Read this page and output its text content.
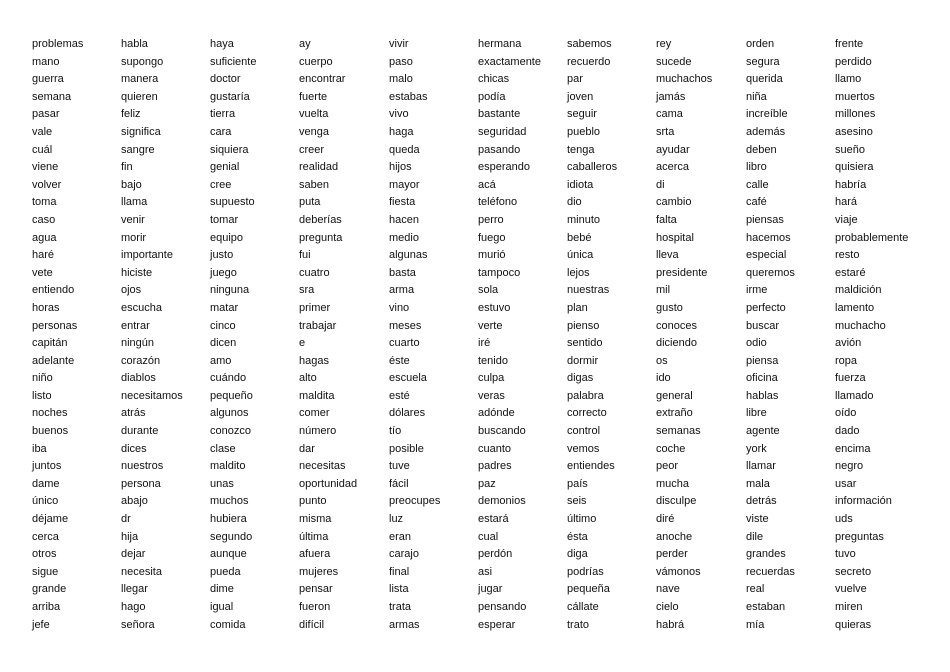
problemas
mano
guerra
semana
pasar
vale
cuál
viene
volver
toma
caso
agua
haré
vete
entiendo
horas
personas
capitán
adelante
niño
listo
noches
buenos
iba
juntos
dame
único
déjame
cerca
otros
sigue
grande
arriba
jefe
habla
supongo
manera
quieren
feliz
significa
sangre
fin
bajo
llama
venir
morir
importante
hiciste
ojos
escucha
entrar
ningún
corazón
diablos
necesitamos
atrás
durante
dices
nuestros
persona
abajo
dr
hija
dejar
necesita
llegar
hago
señora
haya
suficiente
doctor
gustaría
tierra
cara
siquiera
genial
cree
supuesto
tomar
equipo
justo
juego
ninguna
matar
cinco
dicen
amo
cuándo
pequeño
algunos
conozco
clase
maldito
unas
muchos
hubiera
segundo
aunque
pueda
dime
igual
comida
ay
cuerpo
encontrar
fuerte
vuelta
venga
creer
realidad
saben
puta
deberías
pregunta
fui
cuatro
sra
primer
trabajar
e
hagas
alto
maldita
comer
número
dar
necesitas
oportunidad
punto
misma
última
afuera
mujeres
pensar
fueron
difícil
vivir
paso
malo
estabas
vivo
haga
queda
hijos
mayor
fiesta
hacen
medio
algunas
basta
arma
vino
meses
cuarto
éste
escuela
esté
dólares
tío
posible
tuve
fácil
preocupes
luz
eran
carajo
final
lista
trata
armas
hermana
exactamente
chicas
podía
bastante
seguridad
pasando
esperando
acá
teléfono
perro
fuego
murió
tampoco
sola
estuvo
verte
iré
tenido
culpa
veras
adónde
buscando
cuanto
padres
paz
demonios
estará
cual
perdón
asi
jugar
pensando
esperar
sabemos
recuerdo
par
joven
seguir
pueblo
tenga
caballeros
idiota
dio
minuto
bebé
única
lejos
nuestras
plan
pienso
sentido
dormir
digas
palabra
correcto
control
vemos
entiendes
país
seis
último
ésta
diga
podrías
pequeña
cállate
trato
rey
sucede
muchachos
jamás
cama
srta
ayudar
acerca
di
cambio
falta
hospital
lleva
presidente
mil
gusto
conoces
diciendo
os
ido
general
extraño
semanas
coche
peor
mucha
disculpe
diré
anoche
perder
vámonos
nave
cielo
habrá
orden
segura
querida
niña
increíble
además
deben
libro
calle
café
piensas
hacemos
especial
queremos
irme
perfecto
buscar
odio
piensa
oficina
hablas
libre
agente
york
llamar
mala
detrás
viste
dile
grandes
recuerdas
real
estaban
mía
frente
perdido
llamo
muertos
millones
asesino
sueño
quisiera
habría
hará
viaje
probablemente
resto
estaré
maldición
lamento
muchacho
avión
ropa
fuerza
llamado
oído
dado
encima
negro
usar
información
uds
preguntas
tuvo
secreto
vuelve
miren
quieras
